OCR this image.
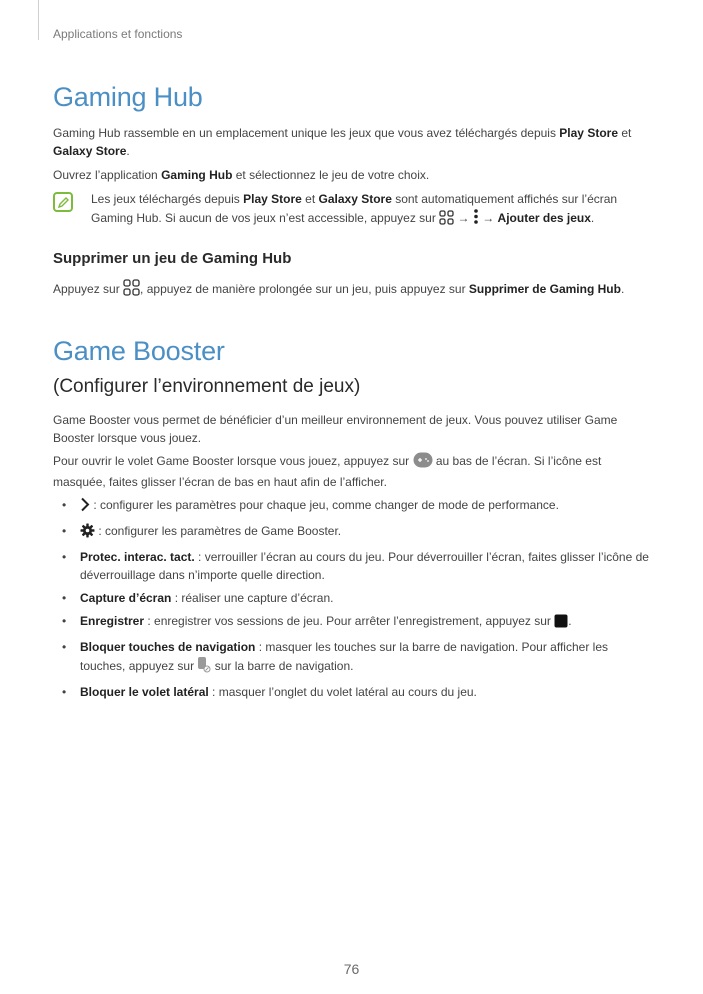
Applications et fonctions
Gaming Hub
Gaming Hub rassemble en un emplacement unique les jeux que vous avez téléchargés depuis Play Store et Galaxy Store.
Ouvrez l’application Gaming Hub et sélectionnez le jeu de votre choix.
Les jeux téléchargés depuis Play Store et Galaxy Store sont automatiquement affichés sur l’écran Gaming Hub. Si aucun de vos jeux n’est accessible, appuyez sur  →  → Ajouter des jeux.
Supprimer un jeu de Gaming Hub
Appuyez sur , appuyez de manière prolongée sur un jeu, puis appuyez sur Supprimer de Gaming Hub.
Game Booster
(Configurer l’environnement de jeux)
Game Booster vous permet de bénéficier d’un meilleur environnement de jeux. Vous pouvez utiliser Game Booster lorsque vous jouez.
Pour ouvrir le volet Game Booster lorsque vous jouez, appuyez sur  au bas de l’écran. Si l’icône est masquée, faites glisser l’écran de bas en haut afin de l’afficher.
• : configurer les paramètres pour chaque jeu, comme changer de mode de performance.
• : configurer les paramètres de Game Booster.
• Protec. interac. tact. : verrouiller l’écran au cours du jeu. Pour déverrouiller l’écran, faites glisser l’icône de déverrouillage dans n’importe quelle direction.
• Capture d’écran : réaliser une capture d’écran.
• Enregistrer : enregistrer vos sessions de jeu. Pour arrêter l’enregistrement, appuyez sur .
• Bloquer touches de navigation : masquer les touches sur la barre de navigation. Pour afficher les touches, appuyez sur  sur la barre de navigation.
• Bloquer le volet latéral : masquer l’onglet du volet latéral au cours du jeu.
76
